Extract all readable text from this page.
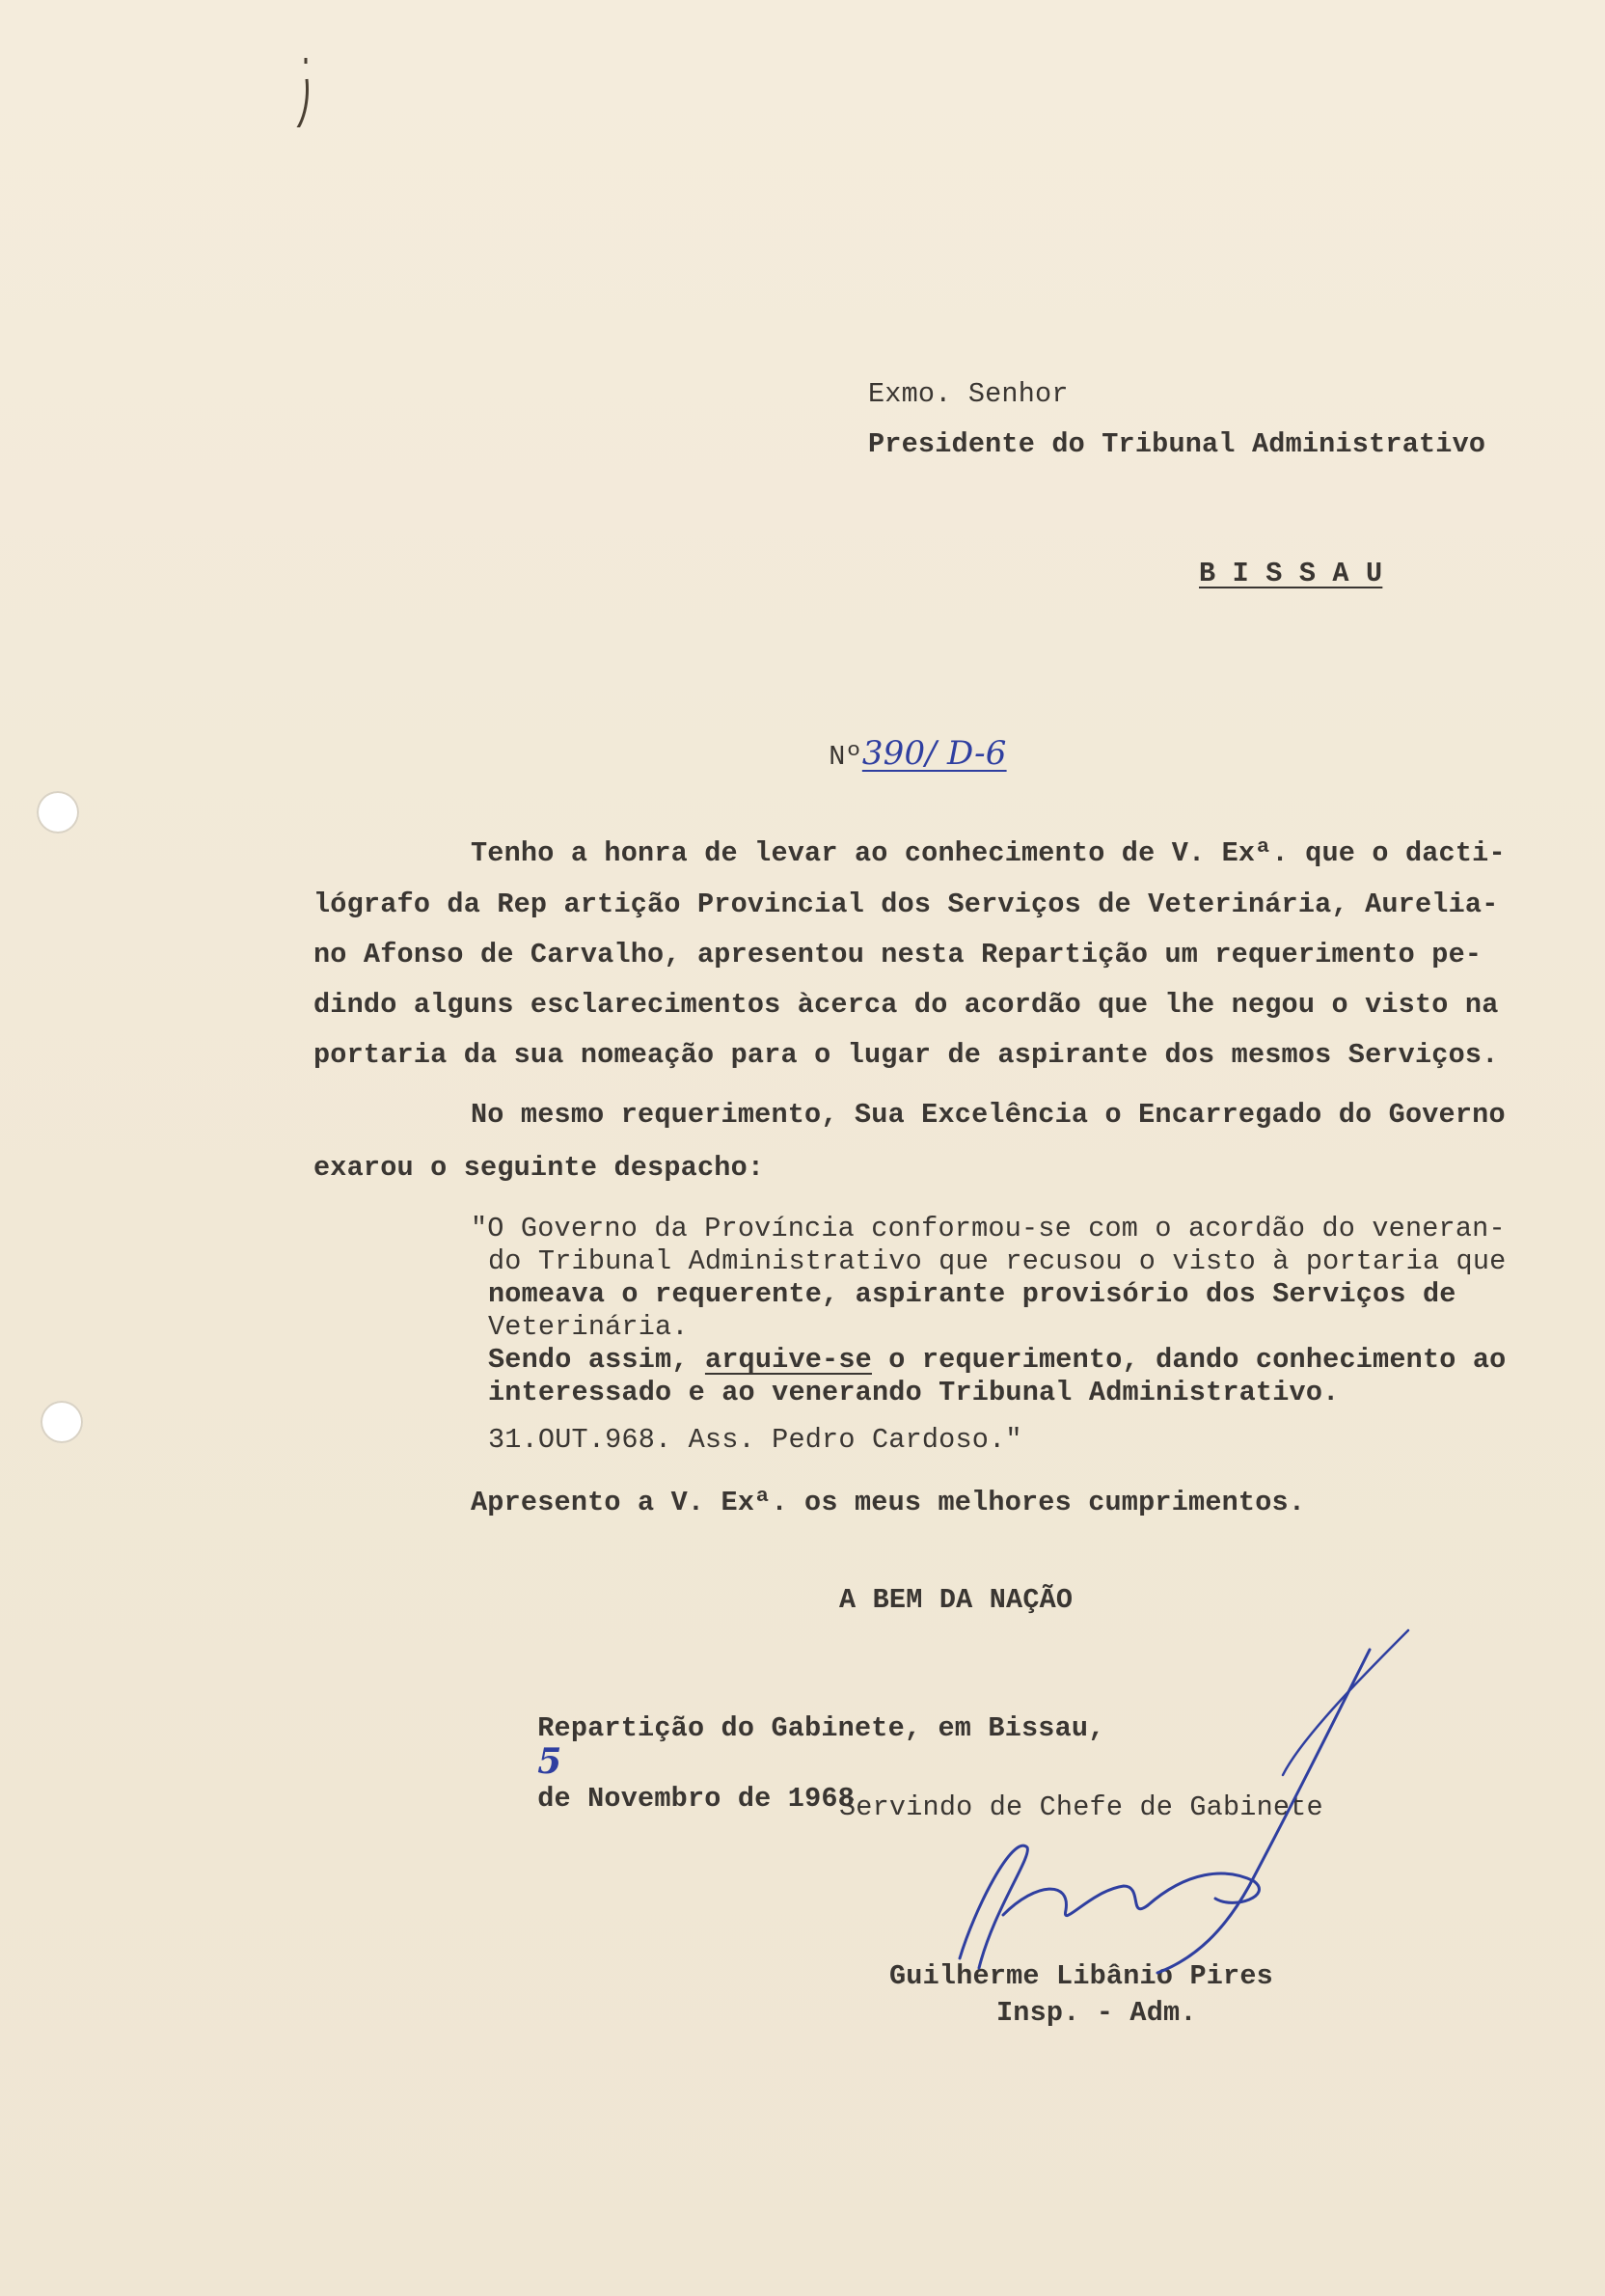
Exmo. Senhor
Presidente do Tribunal Administrativo
B I S S A U

Nº390/ D-6

Tenho a honra de levar ao conhecimento de V. Exª. que o dacti-
lógrafo da Rep artição Provincial dos Serviços de Veterinária, Aurelia-
no Afonso de Carvalho, apresentou nesta Repartição um requerimento pe-
dindo alguns esclarecimentos àcerca do acordão que lhe negou o visto na
portaria da sua nomeação para o lugar de aspirante dos mesmos Serviços.
No mesmo requerimento, Sua Excelência o Encarregado do Governo
exarou o seguinte despacho:
"O Governo da Província conformou-se com o acordão do veneran-
do Tribunal Administrativo que recusou o visto à portaria que
nomeava o requerente, aspirante provisório dos Serviços de
Veterinária.
Sendo assim, arquive-se o requerimento, dando conhecimento ao
interessado e ao venerando Tribunal Administrativo.
31.OUT.968. Ass. Pedro Cardoso."
Apresento a V. Exª. os meus melhores cumprimentos.
A BEM DA NAÇÃO

Repartição do Gabinete, em Bissau,
5
de Novembro de 1968

Servindo de Chefe de Gabinete
Guilherme Libânio Pires
Insp. - Adm.
